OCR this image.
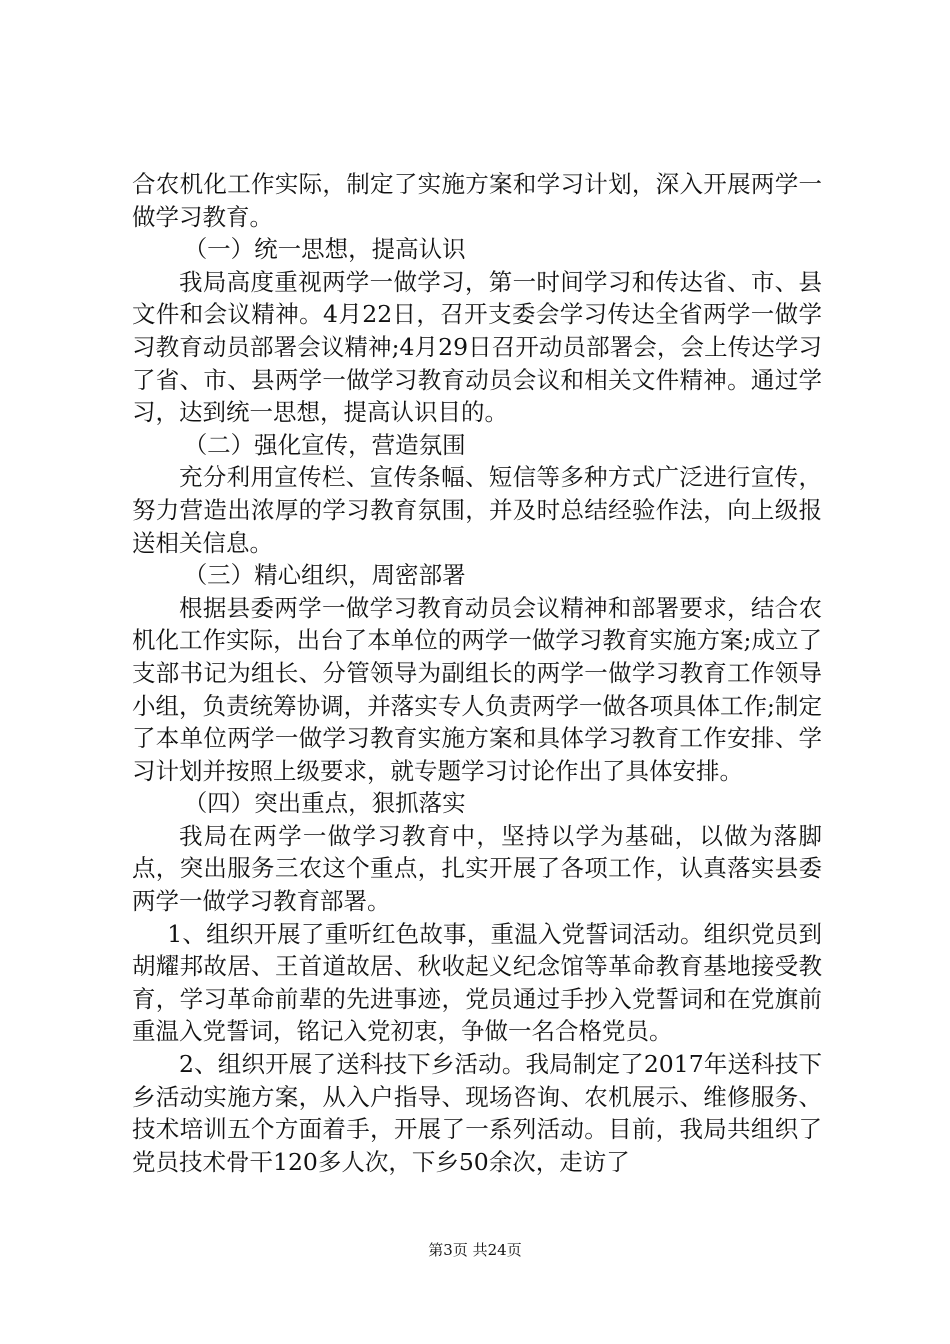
合农机化工作实际，制定了实施方案和学习计划，深入开展两学一做学习教育。

（一）统一思想，提高认识

我局高度重视两学一做学习，第一时间学习和传达省、市、县文件和会议精神。4月22日，召开支委会学习传达全省两学一做学习教育动员部署会议精神;4月29日召开动员部署会，会上传达学习了省、市、县两学一做学习教育动员会议和相关文件精神。通过学习，达到统一思想，提高认识目的。

（二）强化宣传，营造氛围

充分利用宣传栏、宣传条幅、短信等多种方式广泛进行宣传，努力营造出浓厚的学习教育氛围，并及时总结经验作法，向上级报送相关信息。

（三）精心组织，周密部署

根据县委两学一做学习教育动员会议精神和部署要求，结合农机化工作实际，出台了本单位的两学一做学习教育实施方案;成立了支部书记为组长、分管领导为副组长的两学一做学习教育工作领导小组，负责统筹协调，并落实专人负责两学一做各项具体工作;制定了本单位两学一做学习教育实施方案和具体学习教育工作安排、学习计划并按照上级要求，就专题学习讨论作出了具体安排。

（四）突出重点，狠抓落实

我局在两学一做学习教育中，坚持以学为基础，以做为落脚点，突出服务三农这个重点，扎实开展了各项工作，认真落实县委两学一做学习教育部署。

1、组织开展了重听红色故事，重温入党誓词活动。组织党员到胡耀邦故居、王首道故居、秋收起义纪念馆等革命教育基地接受教育，学习革命前辈的先进事迹，党员通过手抄入党誓词和在党旗前重温入党誓词，铭记入党初衷，争做一名合格党员。

2、组织开展了送科技下乡活动。我局制定了2017年送科技下乡活动实施方案，从入户指导、现场咨询、农机展示、维修服务、技术培训五个方面着手，开展了一系列活动。目前，我局共组织了党员技术骨干120多人次，下乡50余次，走访了

第3页 共24页
